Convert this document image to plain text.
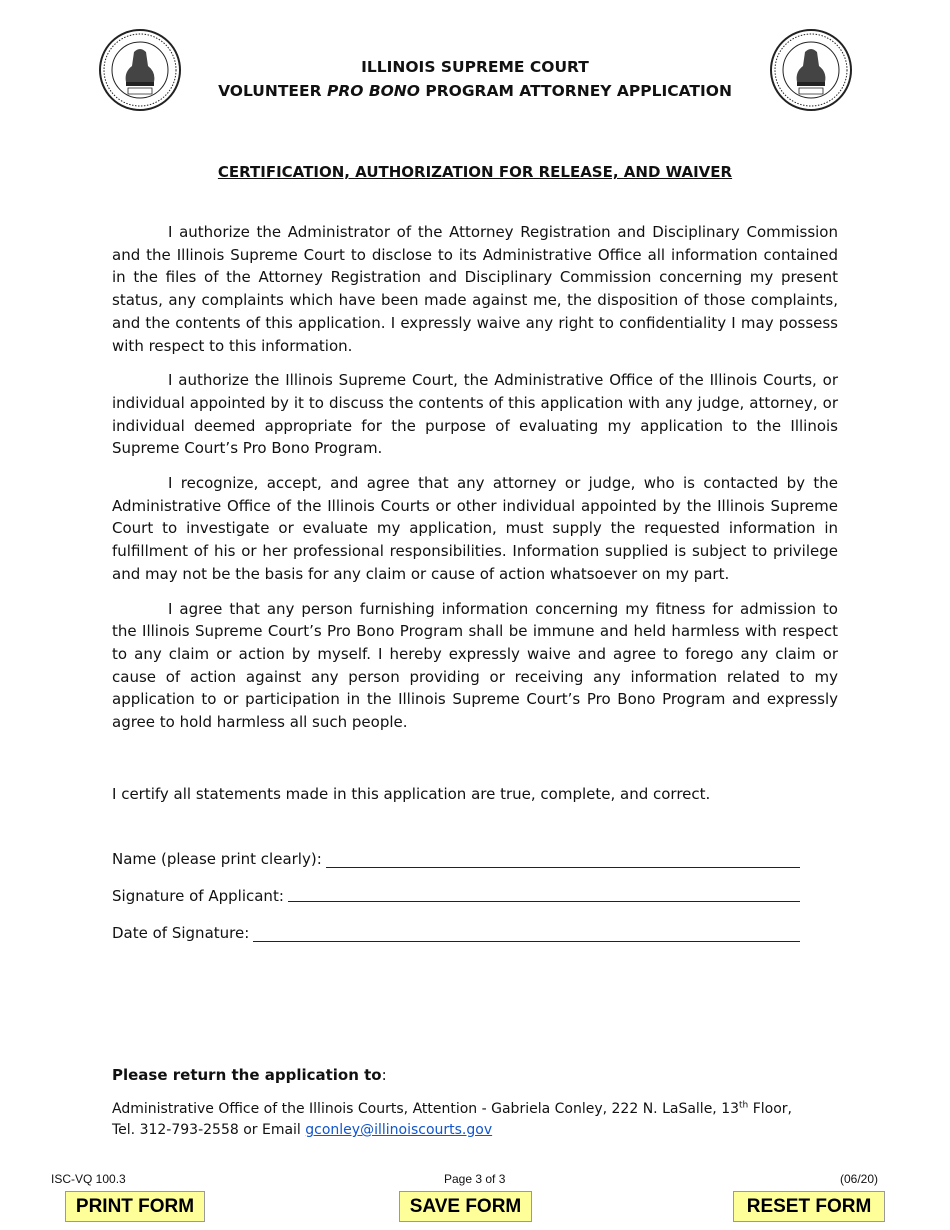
ILLINOIS SUPREME COURT
VOLUNTEER PRO BONO PROGRAM ATTORNEY APPLICATION
CERTIFICATION, AUTHORIZATION FOR RELEASE, AND WAIVER

I authorize the Administrator of the Attorney Registration and Disciplinary Commission and the Illinois Supreme Court to disclose to its Administrative Office all information contained in the files of the Attorney Registration and Disciplinary Commission concerning my present status, any complaints which have been made against me, the disposition of those complaints, and the contents of this application. I expressly waive any right to confidentiality I may possess with respect to this information.

I authorize the Illinois Supreme Court, the Administrative Office of the Illinois Courts, or individual appointed by it to discuss the contents of this application with any judge, attorney, or individual deemed appropriate for the purpose of evaluating my application to the Illinois Supreme Court’s Pro Bono Program.

I recognize, accept, and agree that any attorney or judge, who is contacted by the Administrative Office of the Illinois Courts or other individual appointed by the Illinois Supreme Court to investigate or evaluate my application, must supply the requested information in fulfillment of his or her professional responsibilities. Information supplied is subject to privilege and may not be the basis for any claim or cause of action whatsoever on my part.

I agree that any person furnishing information concerning my fitness for admission to the Illinois Supreme Court’s Pro Bono Program shall be immune and held harmless with respect to any claim or action by myself. I hereby expressly waive and agree to forego any claim or cause of action against any person providing or receiving any information related to my application to or participation in the Illinois Supreme Court’s Pro Bono Program and expressly agree to hold harmless all such people.

I certify all statements made in this application are true, complete, and correct.
Name (please print clearly):
Signature of Applicant:
Date of Signature:
Please return the application to:
Administrative Office of the Illinois Courts, Attention - Gabriela Conley, 222 N. LaSalle, 13th Floor,
Tel. 312-793-2558 or Email gconley@illinoiscourts.gov
ISC-VQ 100.3	Page 3 of 3	(06/20)
PRINT FORM	SAVE FORM	RESET FORM
